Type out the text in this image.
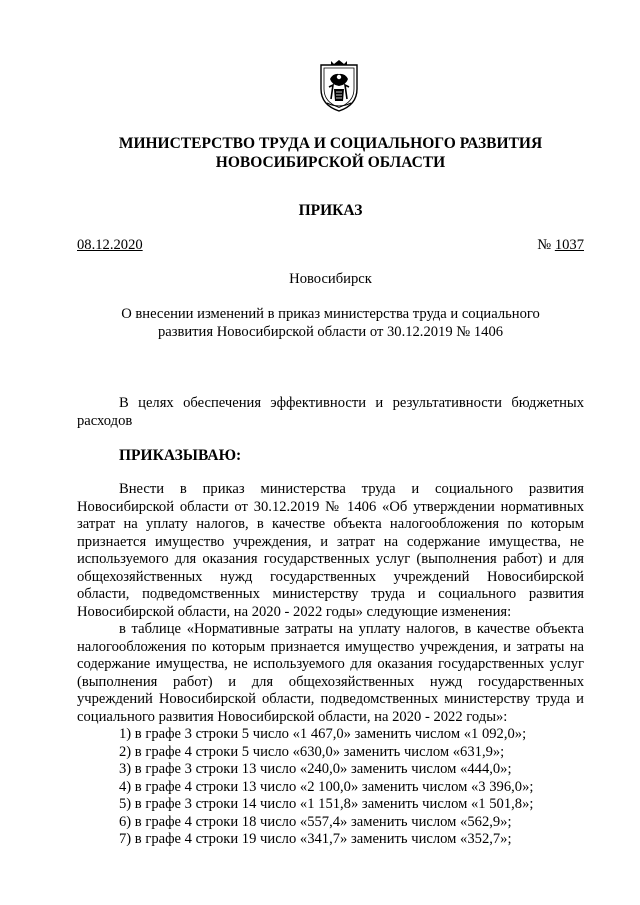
МИНИСТЕРСТВО ТРУДА И СОЦИАЛЬНОГО РАЗВИТИЯ
НОВОСИБИРСКОЙ ОБЛАСТИ
ПРИКАЗ
08.12.2020	№ 1037
Новосибирск
О внесении изменений в приказ министерства труда и социального
развития Новосибирской области от 30.12.2019 № 1406
В целях обеспечения эффективности и результативности бюджетных расходов
ПРИКАЗЫВАЮ:

Внести в приказ министерства труда и социального развития Новосибирской области от 30.12.2019 № 1406 «Об утверждении нормативных затрат на уплату налогов, в качестве объекта налогообложения по которым признается имущество учреждения, и затрат на содержание имущества, не используемого для оказания государственных услуг (выполнения работ) и для общехозяйственных нужд государственных учреждений Новосибирской области, подведомственных министерству труда и социального развития Новосибирской области, на 2020 - 2022 годы» следующие изменения:

в таблице «Нормативные затраты на уплату налогов, в качестве объекта налогообложения по которым признается имущество учреждения, и затраты на содержание имущества, не используемого для оказания государственных услуг (выполнения работ) и для общехозяйственных нужд государственных учреждений Новосибирской области, подведомственных министерству труда и социального развития Новосибирской области, на 2020 - 2022 годы»:

1) в графе 3 строки 5 число «1 467,0» заменить числом «1 092,0»;
2) в графе 4 строки 5 число «630,0» заменить числом «631,9»;
3) в графе 3 строки 13 число «240,0» заменить числом «444,0»;
4) в графе 4 строки 13 число «2 100,0» заменить числом «3 396,0»;
5) в графе 3 строки 14 число «1 151,8» заменить числом «1 501,8»;
6) в графе 4 строки 18 число «557,4» заменить числом «562,9»;
7) в графе 4 строки 19 число «341,7» заменить числом «352,7»;
